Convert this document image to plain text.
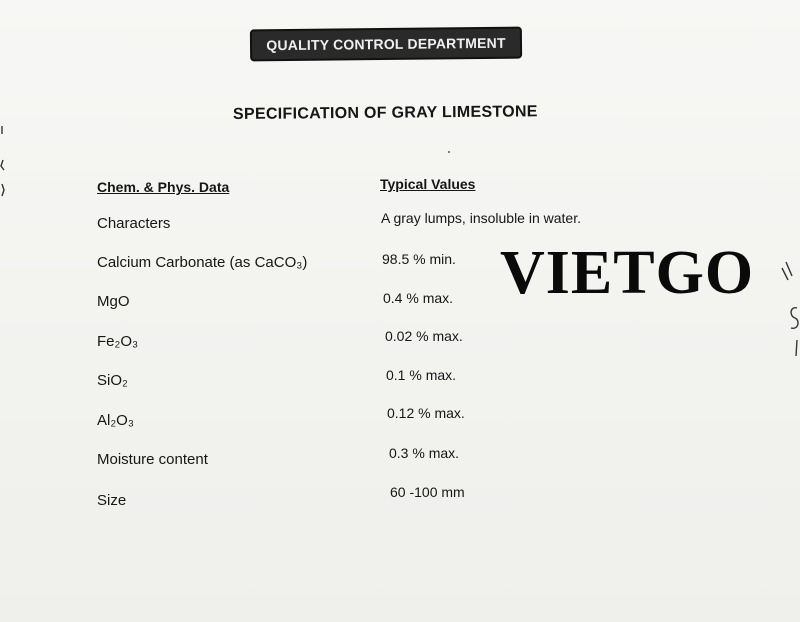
QUALITY CONTROL DEPARTMENT
SPECIFICATION OF GRAY LIMESTONE
Chem. & Phys. Data	Typical Values
Characters
Calcium Carbonate (as CaCO₃)
MgO
Fe₂O₃
SiO₂
Al₂O₃
Moisture content
Size
A gray lumps, insoluble in water.
98.5 % min.
0.4 % max.
0.02 % max.
0.1 % max.
0.12 % max.
0.3 % max.
60 -100 mm
VIETGO
